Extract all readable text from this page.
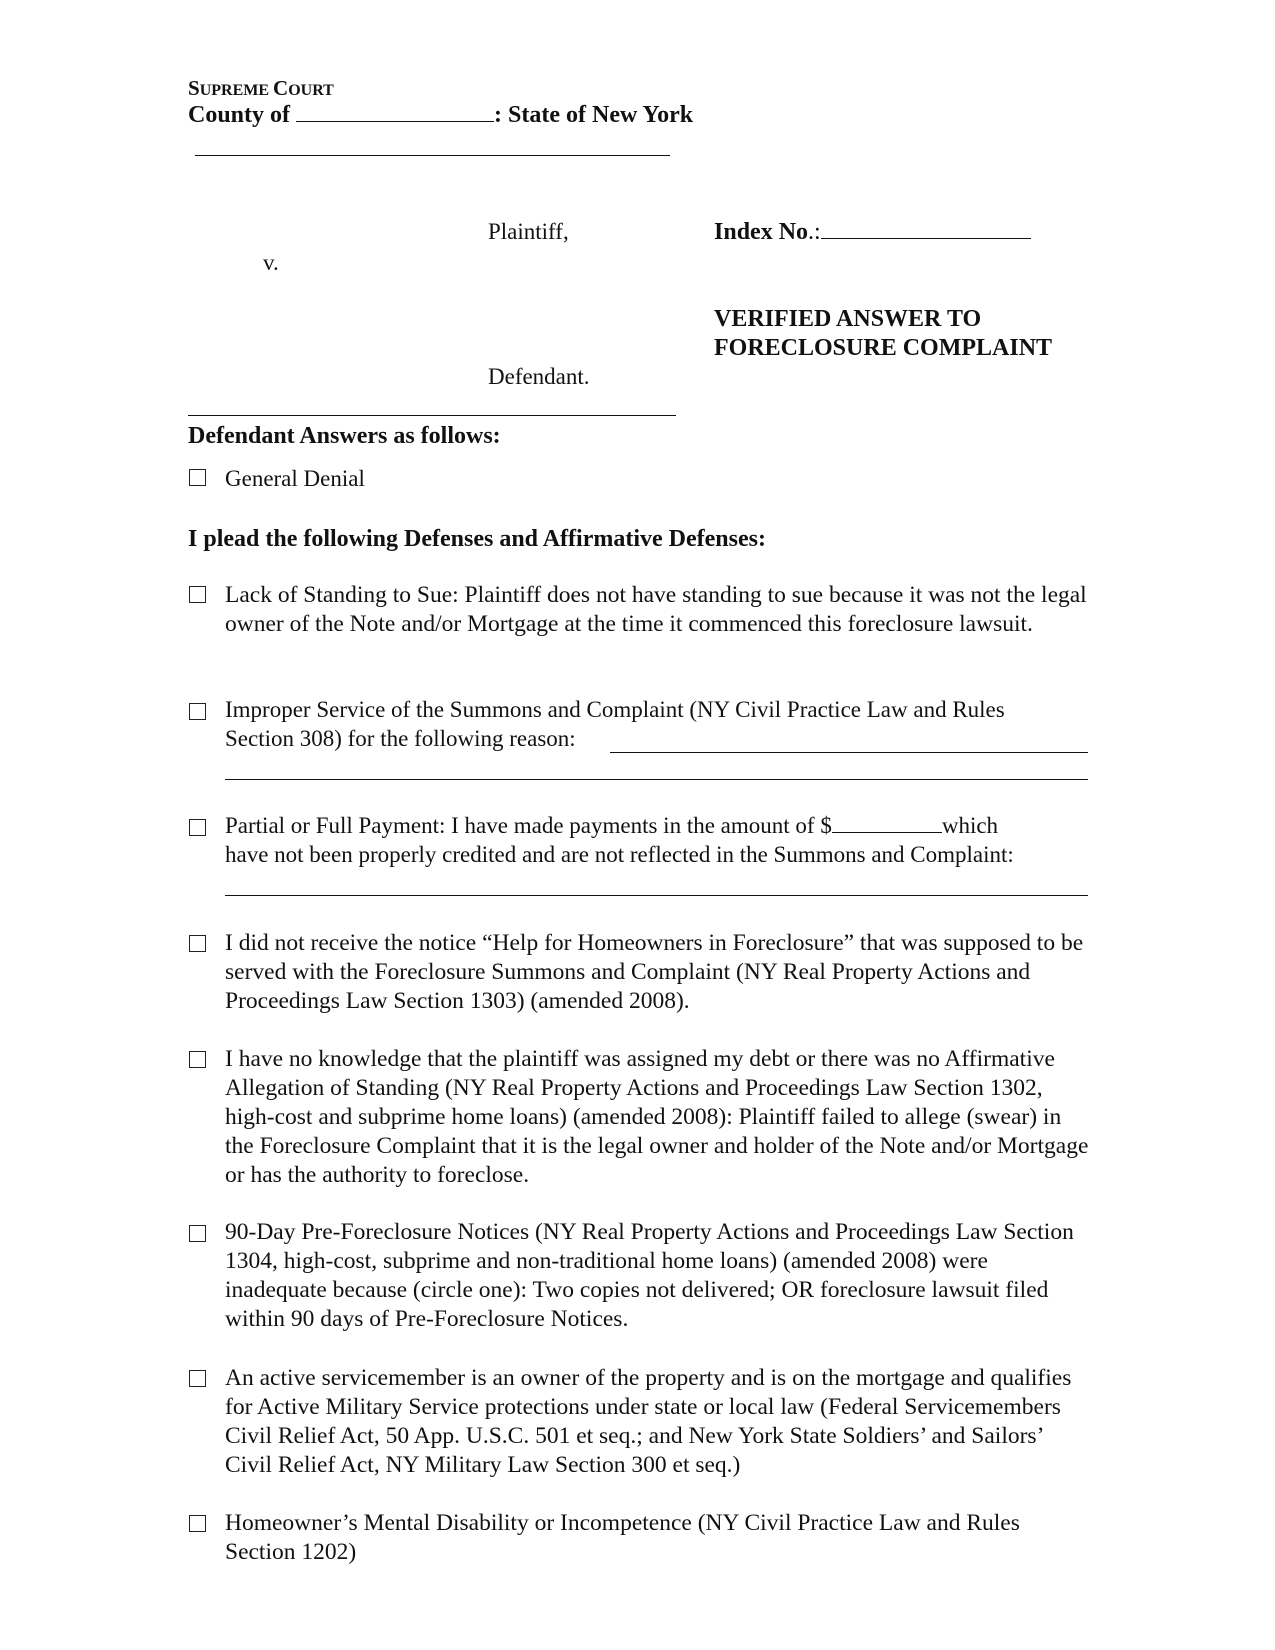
SUPREME COURT
County of	: State of New York
Plaintiff,
v.
Defendant.
Index No.:
VERIFIED ANSWER TO
FORECLOSURE COMPLAINT
Defendant Answers as follows:
General Denial
I plead the following Defenses and Affirmative Defenses:
Lack of Standing to Sue: Plaintiff does not have standing to sue because it was not the legal owner of the Note and/or Mortgage at the time it commenced this foreclosure lawsuit.
Improper Service of the Summons and Complaint (NY Civil Practice Law and Rules
Section 308) for the following reason:
Partial or Full Payment: I have made payments in the amount of $	which
have not been properly credited and are not reflected in the Summons and Complaint:
I did not receive the notice “Help for Homeowners in Foreclosure” that was supposed to be served with the Foreclosure Summons and Complaint (NY Real Property Actions and Proceedings Law Section 1303) (amended 2008).
I have no knowledge that the plaintiff was assigned my debt or there was no Affirmative Allegation of Standing (NY Real Property Actions and Proceedings Law Section 1302, high-cost and subprime home loans) (amended 2008): Plaintiff failed to allege (swear) in the Foreclosure Complaint that it is the legal owner and holder of the Note and/or Mortgage or has the authority to foreclose.
90-Day Pre-Foreclosure Notices (NY Real Property Actions and Proceedings Law Section 1304, high-cost, subprime and non-traditional home loans) (amended 2008) were inadequate because (circle one): Two copies not delivered; OR foreclosure lawsuit filed within 90 days of Pre-Foreclosure Notices.
An active servicemember is an owner of the property and is on the mortgage and qualifies for Active Military Service protections under state or local law (Federal Servicemembers Civil Relief Act, 50 App. U.S.C. 501 et seq.; and New York State Soldiers’ and Sailors’ Civil Relief Act, NY Military Law Section 300 et seq.)
Homeowner’s Mental Disability or Incompetence (NY Civil Practice Law and Rules Section 1202)
